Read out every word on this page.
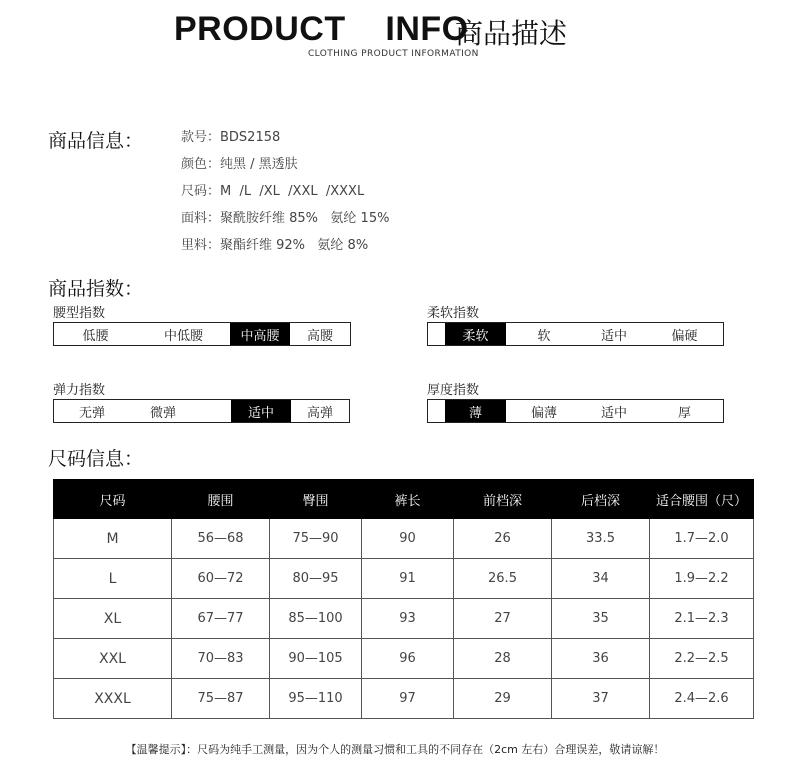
PRODUCT    INFO
商品描述
CLOTHING PRODUCT INFORMATION
商品信息：	款号：BDS2158
颜色：纯黑 / 黑透肤
尺码：M  /L  /XL  /XXL  /XXXL
面料：聚酰胺纤维 85%   氨纶 15%
里料：聚酯纤维 92%   氨纶 8%
商品指数：
腰型指数
低腰	中低腰	中高腰	高腰
柔软指数
柔软	软	适中	偏硬
弹力指数
无弹	微弹	适中	高弹
厚度指数
薄	偏薄	适中	厚
尺码信息：
尺码	腰围	臀围	裤长	前档深	后档深	适合腰围（尺）
M	56—68	75—90	90	26	33.5	1.7—2.0
L	60—72	80—95	91	26.5	34	1.9—2.2
XL	67—77	85—100	93	27	35	2.1—2.3
XXL	70—83	90—105	96	28	36	2.2—2.5
XXXL	75—87	95—110	97	29	37	2.4—2.6
【温馨提示】：尺码为纯手工测量，因为个人的测量习惯和工具的不同存在（2cm 左右）合理误差，敬请谅解！
